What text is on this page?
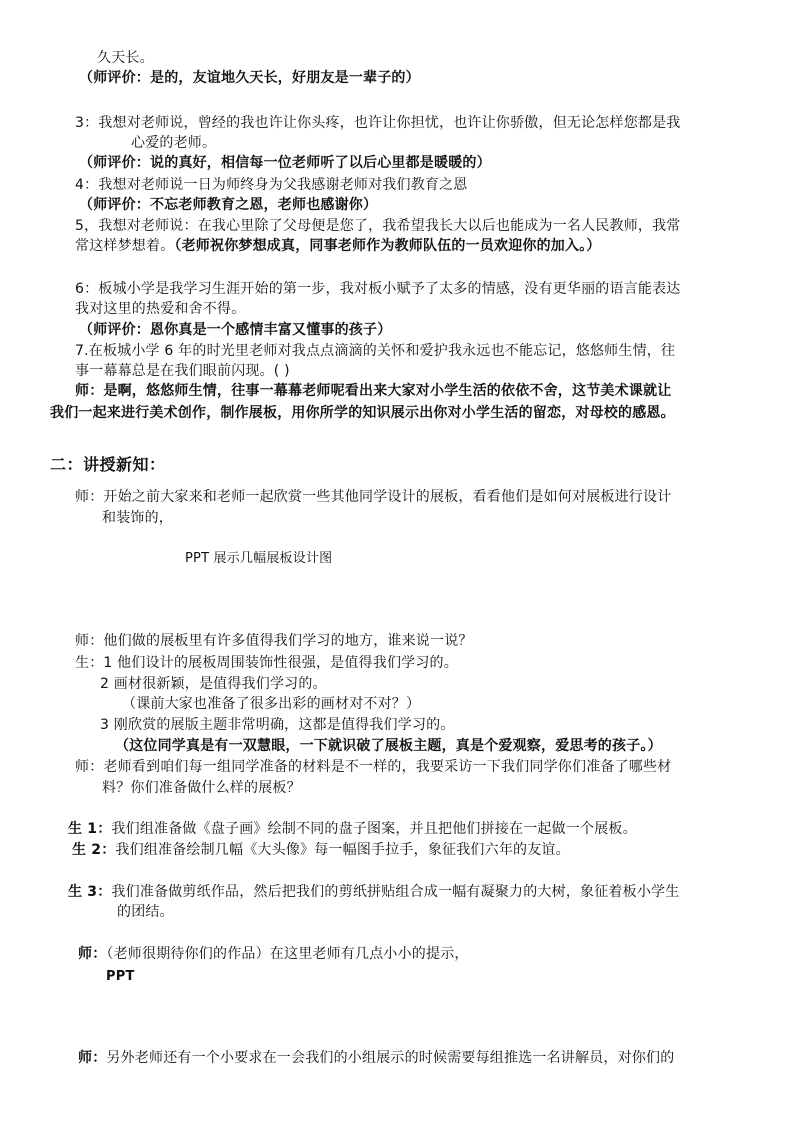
久天长。
（师评价：是的，友谊地久天长，好朋友是一辈子的）
3：我想对老师说，曾经的我也许让你头疼，也许让你担忧，也许让你骄傲，但无论怎样您都是我
心爱的老师。
（师评价：说的真好，相信每一位老师听了以后心里都是暖暖的）
4：我想对老师说一日为师终身为父我感谢老师对我们教育之恩
（师评价：不忘老师教育之恩，老师也感谢你）
5，我想对老师说：在我心里除了父母便是您了，我希望我长大以后也能成为一名人民教师，我常
常这样梦想着。（老师祝你梦想成真，同事老师作为教师队伍的一员欢迎你的加入。）
6：板城小学是我学习生涯开始的第一步，我对板小赋予了太多的情感，没有更华丽的语言能表达
我对这里的热爱和舍不得。
（师评价：恩你真是一个感情丰富又懂事的孩子）
7.在板城小学 6 年的时光里老师对我点点滴滴的关怀和爱护我永远也不能忘记，悠悠师生情，往
事一幕幕总是在我们眼前闪现。( )
师：是啊，悠悠师生情，往事一幕幕老师呢看出来大家对小学生活的依依不舍，这节美术课就让
我们一起来进行美术创作，制作展板，用你所学的知识展示出你对小学生活的留恋，对母校的感恩。
二：讲授新知：
师：开始之前大家来和老师一起欣赏一些其他同学设计的展板，看看他们是如何对展板进行设计
和装饰的，
PPT 展示几幅展板设计图
师：他们做的展板里有许多值得我们学习的地方，谁来说一说？
生：1 他们设计的展板周围装饰性很强，是值得我们学习的。
2 画材很新颖，是值得我们学习的。
（课前大家也准备了很多出彩的画材对不对？）
3 刚欣赏的展版主题非常明确，这都是值得我们学习的。
（这位同学真是有一双慧眼，一下就识破了展板主题，真是个爱观察，爱思考的孩子。）
师：老师看到咱们每一组同学准备的材料是不一样的，我要采访一下我们同学你们准备了哪些材
料？你们准备做什么样的展板？
生 1：我们组准备做《盘子画》绘制不同的盘子图案，并且把他们拼接在一起做一个展板。
生 2：我们组准备绘制几幅《大头像》每一幅图手拉手，象征我们六年的友谊。
生 3：我们准备做剪纸作品，然后把我们的剪纸拼贴组合成一幅有凝聚力的大树，象征着板小学生
的团结。
师：（老师很期待你们的作品）在这里老师有几点小小的提示，
PPT
师：另外老师还有一个小要求在一会我们的小组展示的时候需要每组推选一名讲解员，对你们的
